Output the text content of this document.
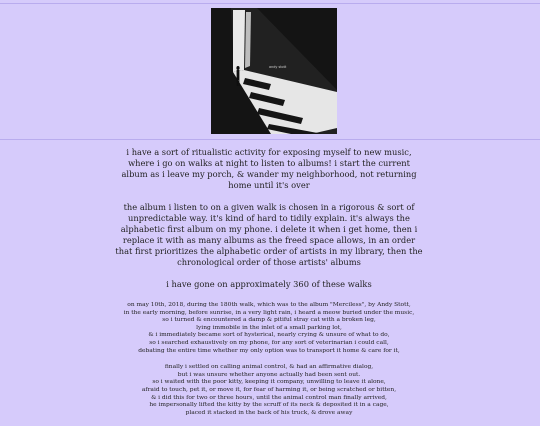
andy stott

i have a sort of ritualistic activity for exposing myself to new music, where i go on walks at night to listen to albums! i start the current album as i leave my porch, & wander my neighborhood, not returning home until it's over

the album i listen to on a given walk is chosen in a rigorous & sort of unpredictable way. it's kind of hard to tidily explain. it's always the alphabetic first album on my phone. i delete it when i get home, then i replace it with as many albums as the freed space allows, in an order that first prioritizes the alphabetic order of artists in my library, then the chronological order of those artists' albums

i have gone on approximately 360 of these walks

on may 10th, 2018, during the 180th walk, which was to the album "Merciless", by Andy Stott,
in the early morning, before sunrise, in a very light rain, i heard a meow buried under the music,
so i turned & encountered a damp & pitiful stray cat with a broken leg,
lying immobile in the inlet of a small parking lot,
& i immediately became sort of hysterical, nearly crying & unsure of what to do,
so i searched exhaustively on my phone, for any sort of veterinarian i could call,
debating the entire time whether my only option was to transport it home & care for it,

finally i settled on calling animal control, & had an affirmative dialog,
but i was unsure whether anyone actually had been sent out.
so i waited with the poor kitty, keeping it company, unwilling to leave it alone,
afraid to touch, pet it, or move it, for fear of harming it, or being scratched or bitten,
& i did this for two or three hours, until the animal control man finally arrived,
he impersonally lifted the kitty by the scruff of its neck & deposited it in a cage,
placed it stacked in the back of his truck, & drove away
